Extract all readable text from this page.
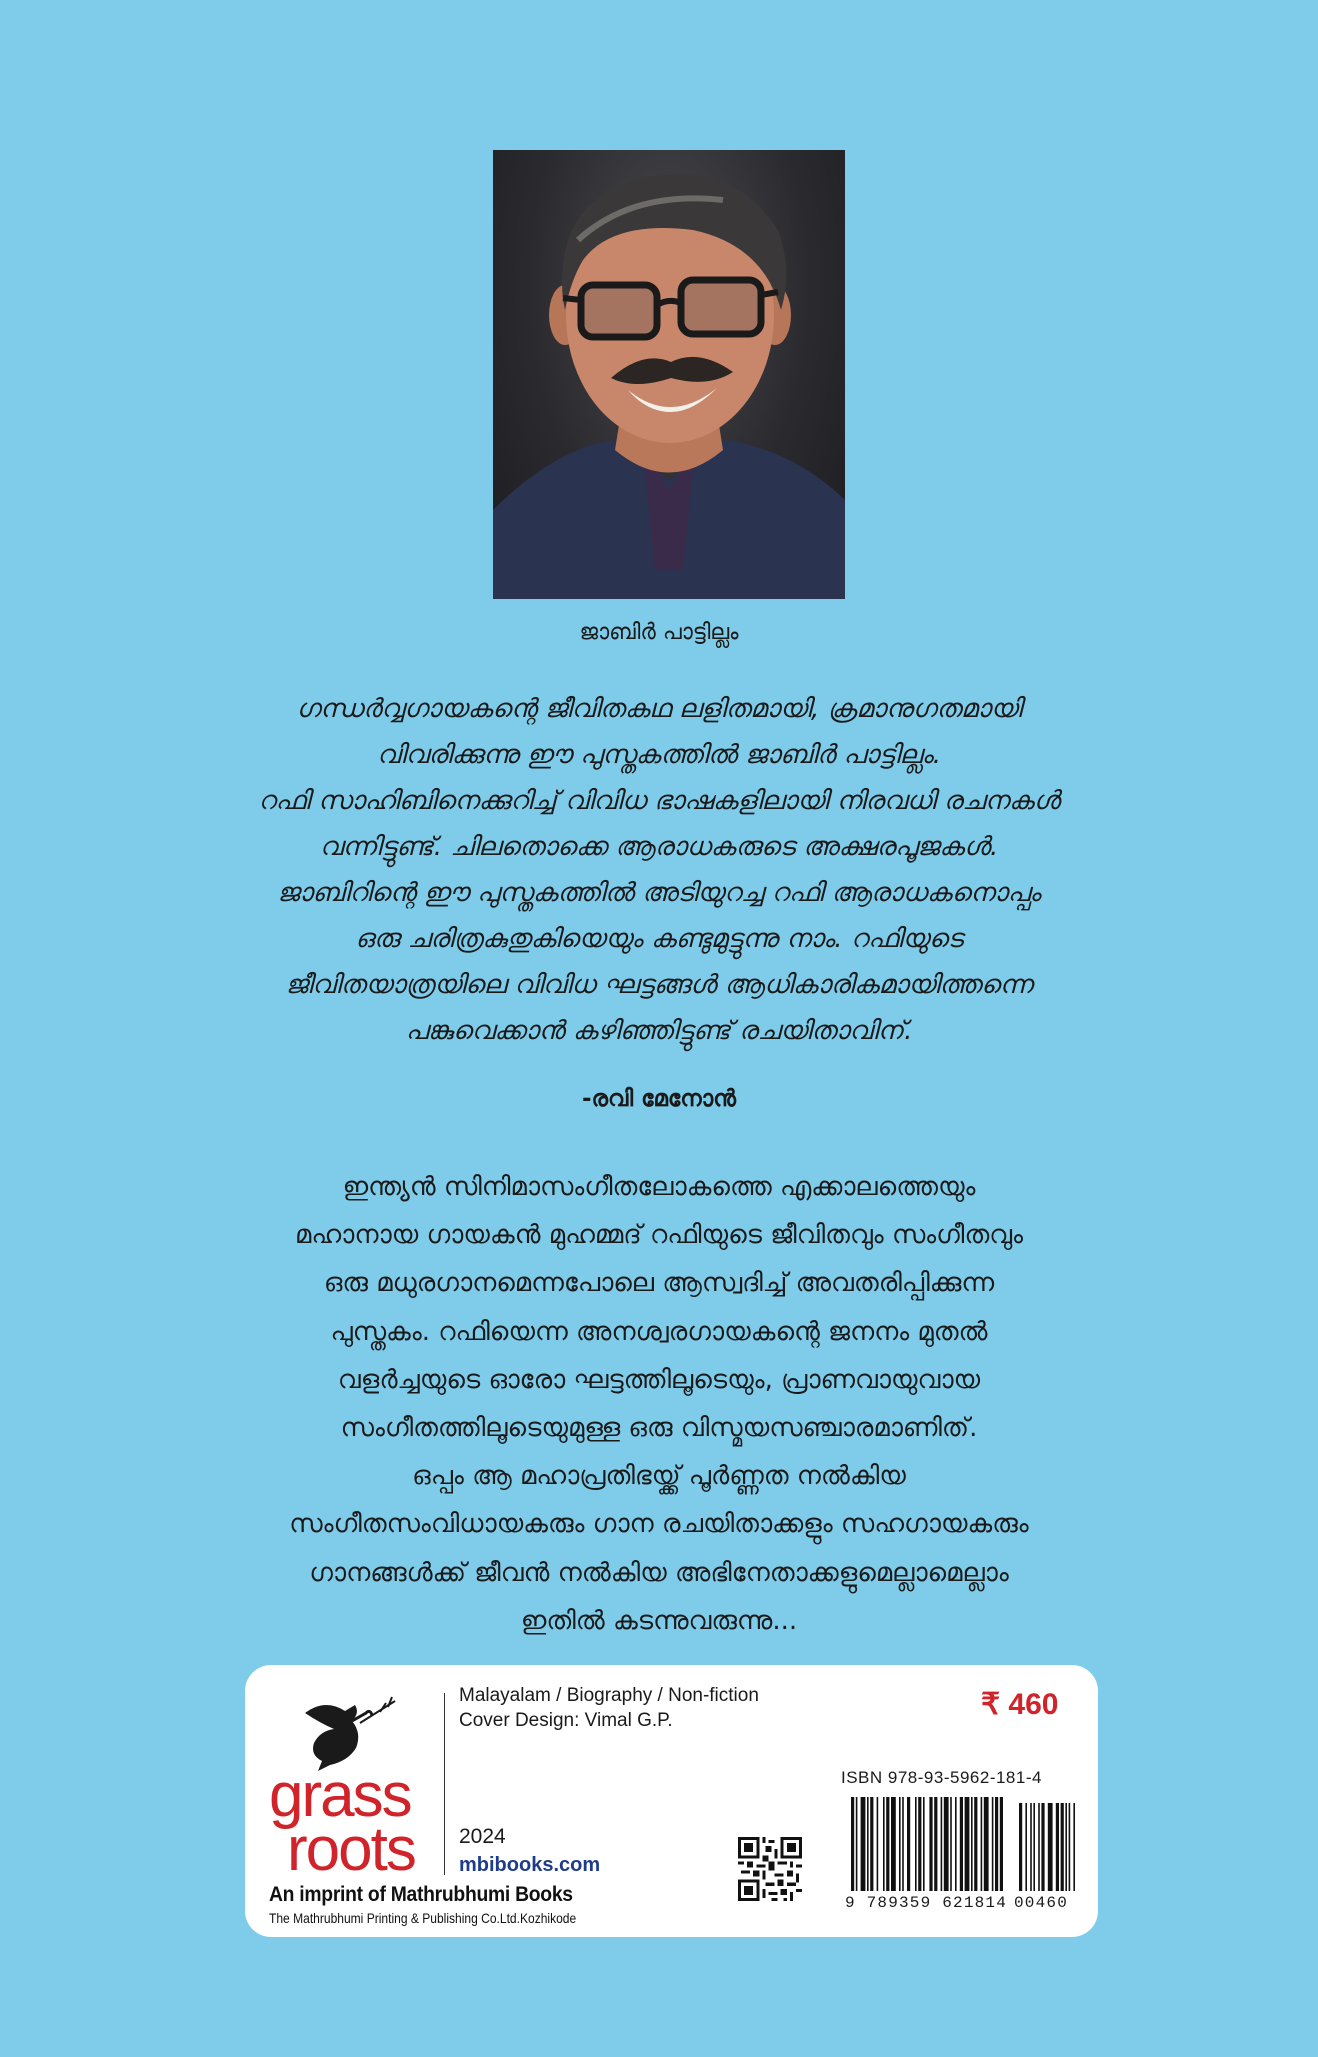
ജാബിർ പാട്ടില്ലം

ഗന്ധർവ്വഗായകന്റെ ജീവിതകഥ ലളിതമായി, ക്രമാനുഗതമായി
വിവരിക്കുന്നു ഈ പുസ്തകത്തിൽ ജാബിർ പാട്ടില്ലം.
റഫി സാഹിബിനെക്കുറിച്ച് വിവിധ ഭാഷകളിലായി നിരവധി രചനകൾ
വന്നിട്ടുണ്ട്. ചിലതൊക്കെ ആരാധകരുടെ അക്ഷരപൂജകൾ.
ജാബിറിന്റെ ഈ പുസ്തകത്തിൽ അടിയുറച്ച റഫി ആരാധകനൊപ്പം
ഒരു ചരിത്രകുതുകിയെയും കണ്ടുമുട്ടുന്നു നാം. റഫിയുടെ
ജീവിതയാത്രയിലെ വിവിധ ഘട്ടങ്ങൾ ആധികാരികമായിത്തന്നെ
പങ്കുവെക്കാൻ കഴിഞ്ഞിട്ടുണ്ട് രചയിതാവിന്.

-രവി മേനോൻ

ഇന്ത്യൻ സിനിമാസംഗീതലോകത്തെ എക്കാലത്തെയും
മഹാനായ ഗായകൻ മുഹമ്മദ് റഫിയുടെ ജീവിതവും സംഗീതവും
ഒരു മധുരഗാനമെന്നപോലെ ആസ്വദിച്ച് അവതരിപ്പിക്കുന്ന
പുസ്തകം. റഫിയെന്ന അനശ്വരഗായകന്റെ ജനനം മുതൽ
വളർച്ചയുടെ ഓരോ ഘട്ടത്തിലൂടെയും, പ്രാണവായുവായ
സംഗീതത്തിലൂടെയുമുള്ള ഒരു വിസ്മയസഞ്ചാരമാണിത്.
ഒപ്പം ആ മഹാപ്രതിഭയ്ക്ക് പൂർണ്ണത നൽകിയ
സംഗീതസംവിധായകരും ഗാന രചയിതാക്കളും സഹഗായകരും
ഗാനങ്ങൾക്ക് ജീവൻ നൽകിയ അഭിനേതാക്കളുമെല്ലാമെല്ലാം
ഇതിൽ കടന്നുവരുന്നു...

grass
roots
An imprint of Mathrubhumi Books
The Mathrubhumi Printing & Publishing Co.Ltd.Kozhikode
Malayalam / Biography / Non-fiction
Cover Design: Vimal G.P.	₹ 460
2024
mbibooks.com
ISBN 978-93-5962-181-4
9 789359 621814 00460
